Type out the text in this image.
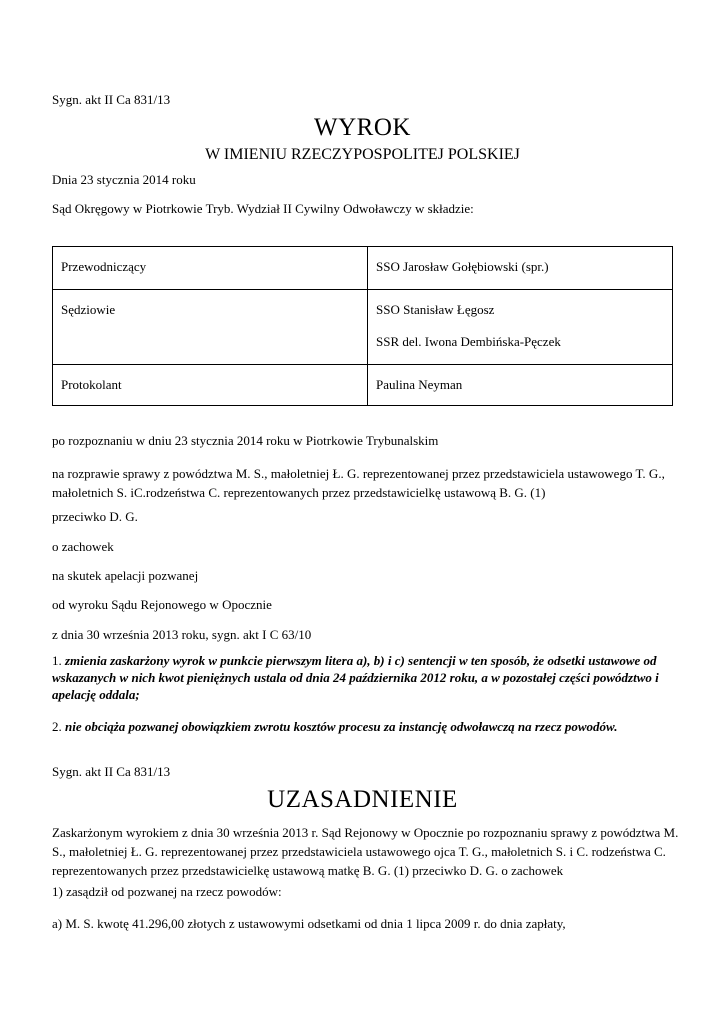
Sygn. akt II Ca 831/13
WYROK
W IMIENIU RZECZYPOSPOLITEJ POLSKIEJ
Dnia 23 stycznia 2014 roku
Sąd Okręgowy w Piotrkowie Tryb. Wydział II Cywilny Odwoławczy w składzie:
Przewodniczący	SSO Jarosław Gołębiowski (spr.)
Sędziowie	SSO Stanisław Łęgosz
SSR del. Iwona Dembińska-Pęczek

Protokolant	Paulina Neyman
po rozpoznaniu w dniu 23 stycznia 2014 roku w Piotrkowie Trybunalskim
na rozprawie sprawy z powództwa M. S., małoletniej Ł. G. reprezentowanej przez przedstawiciela ustawowego T. G., małoletnich S. iC.rodzeństwa C. reprezentowanych przez przedstawicielkę ustawową B. G. (1)
przeciwko D. G.
o zachowek
na skutek apelacji pozwanej
od wyroku Sądu Rejonowego w Opocznie
z dnia 30 września 2013 roku, sygn. akt I C 63/10
1. zmienia zaskarżony wyrok w punkcie pierwszym litera a), b) i c) sentencji w ten sposób, że odsetki ustawowe od wskazanych w nich kwot pieniężnych ustala od dnia 24 października 2012 roku, a w pozostałej części powództwo i apelację oddala;
2. nie obciąża pozwanej obowiązkiem zwrotu kosztów procesu za instancję odwoławczą na rzecz powodów.
Sygn. akt II Ca 831/13
UZASADNIENIE
Zaskarżonym wyrokiem z dnia 30 września 2013 r. Sąd Rejonowy w Opocznie po rozpoznaniu sprawy z powództwa M. S., małoletniej Ł. G. reprezentowanej przez przedstawiciela ustawowego ojca T. G., małoletnich S. i C. rodzeństwa C. reprezentowanych przez przedstawicielkę ustawową matkę B. G. (1) przeciwko D. G. o zachowek
1) zasądził od pozwanej na rzecz powodów:
a) M. S. kwotę 41.296,00 złotych z ustawowymi odsetkami od dnia 1 lipca 2009 r. do dnia zapłaty,
